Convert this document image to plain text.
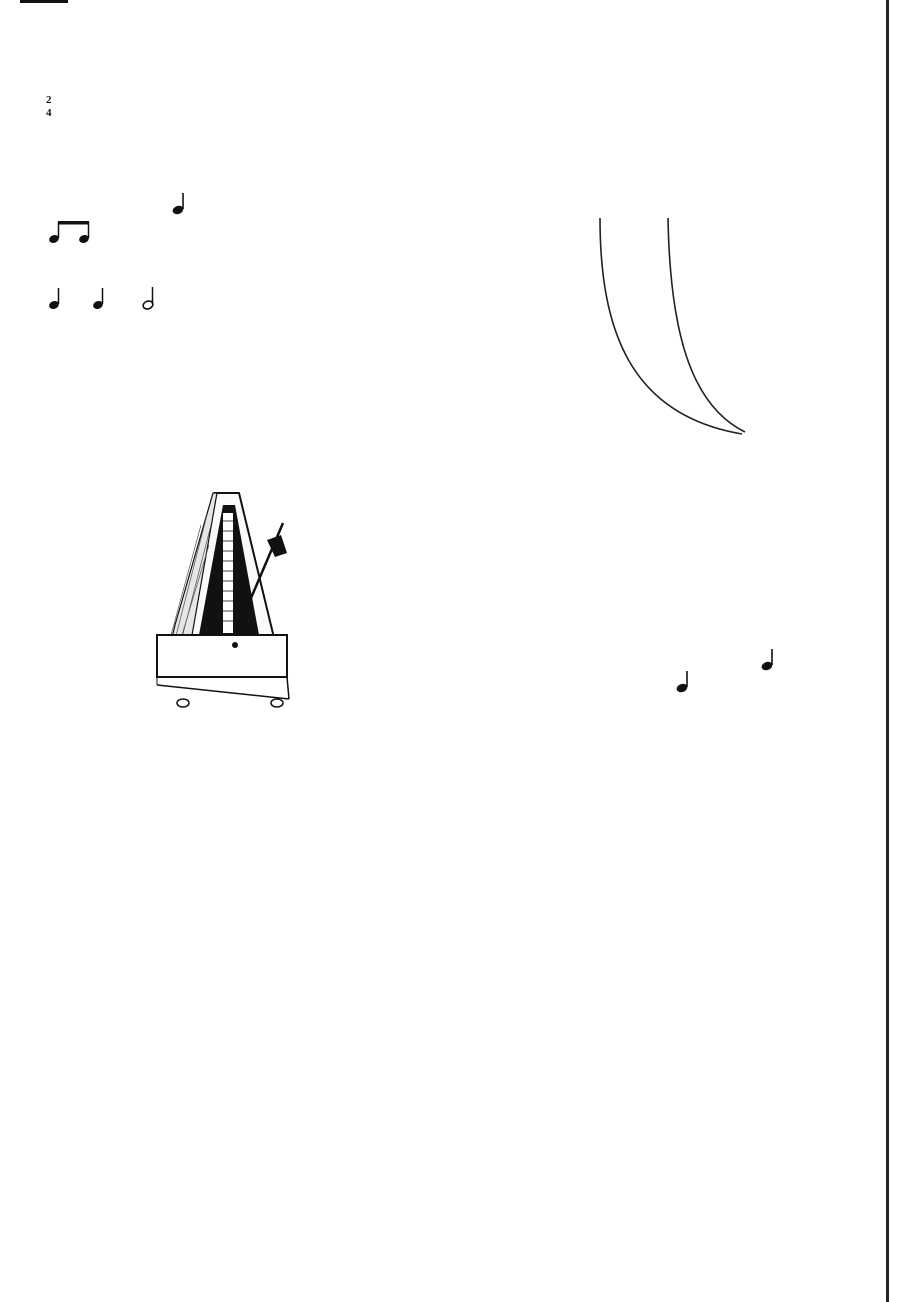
2
4
